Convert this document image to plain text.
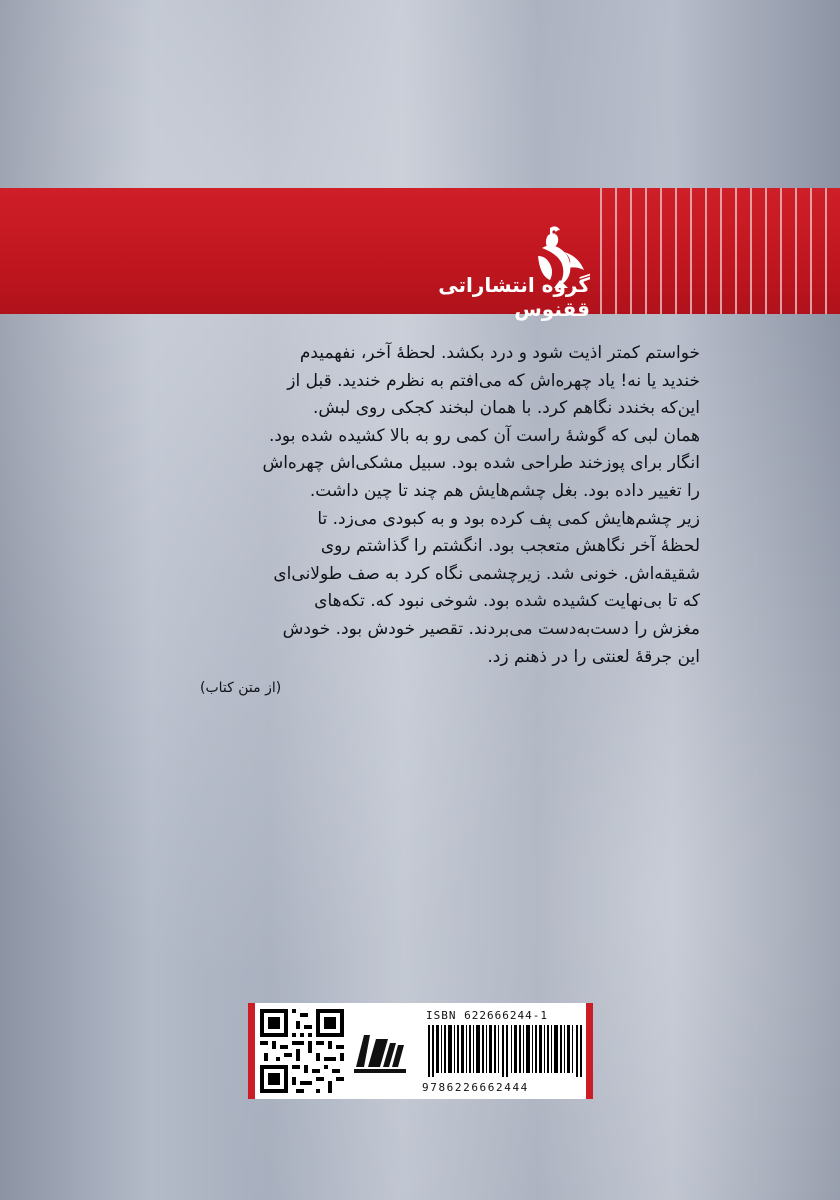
گروه انتشاراتی ققنوس
خواستم کمتر اذیت شود و درد بکشد. لحظهٔ آخر، نفهمیدم
خندید یا نه! یاد چهره‌اش که می‌افتم به نظرم خندید. قبل از
این‌که بخندد نگاهم کرد. با همان لبخند کجکی روی لبش.
همان لبی که گوشهٔ راست آن کمی رو به بالا کشیده شده بود.
انگار برای پوزخند طراحی شده بود. سبیل مشکی‌اش چهره‌اش
را تغییر داده بود. بغل چشم‌هایش هم چند تا چین داشت.
زیر چشم‌هایش کمی پف کرده بود و به کبودی می‌زد. تا
لحظهٔ آخر نگاهش متعجب بود. انگشتم را گذاشتم روی
شقیقه‌اش. خونی شد. زیرچشمی نگاه کرد به صف طولانی‌ای
که تا بی‌نهایت کشیده شده بود. شوخی نبود که. تکه‌های
مغزش را دست‌به‌دست می‌بردند. تقصیر خودش بود. خودش
این جرقهٔ لعنتی را در ذهنم زد.
(از متن کتاب)
ISBN 622666244-1
9786226662444
